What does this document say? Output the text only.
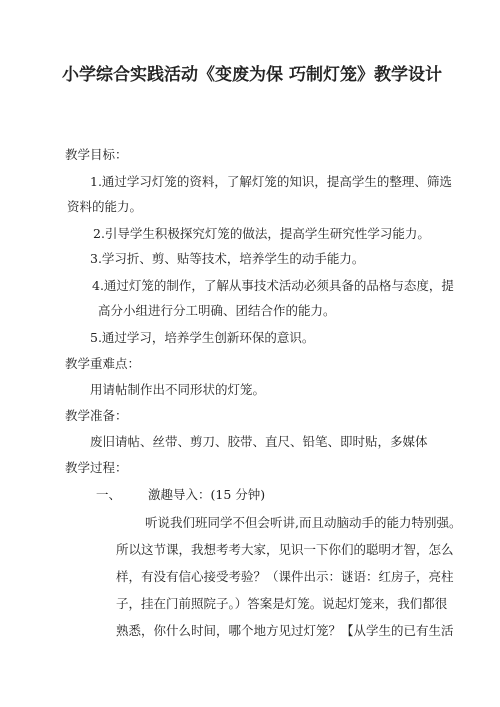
小学综合实践活动《变废为保 巧制灯笼》教学设计

教学目标：

1.通过学习灯笼的资料，了解灯笼的知识，提高学生的整理、筛选

资料的能力。

2.引导学生积极探究灯笼的做法，提高学生研究性学习能力。

3.学习折、剪、贴等技术，培养学生的动手能力。

4.通过灯笼的制作，了解从事技术活动必须具备的品格与态度，提

高分小组进行分工明确、团结合作的能力。

5.通过学习，培养学生创新环保的意识。

教学重难点：

用请帖制作出不同形状的灯笼。

教学准备：

废旧请帖、丝带、剪刀、胶带、直尺、铅笔、即时贴，多媒体

教学过程：

一、 激趣导入：(15 分钟)

听说我们班同学不但会听讲,而且动脑动手的能力特别强。

所以这节课，我想考考大家，见识一下你们的聪明才智，怎么

样，有没有信心接受考验？（课件出示：谜语：红房子，亮柱

子，挂在门前照院子。）答案是灯笼。说起灯笼来，我们都很

熟悉，你什么时间，哪个地方见过灯笼？【从学生的已有生活
